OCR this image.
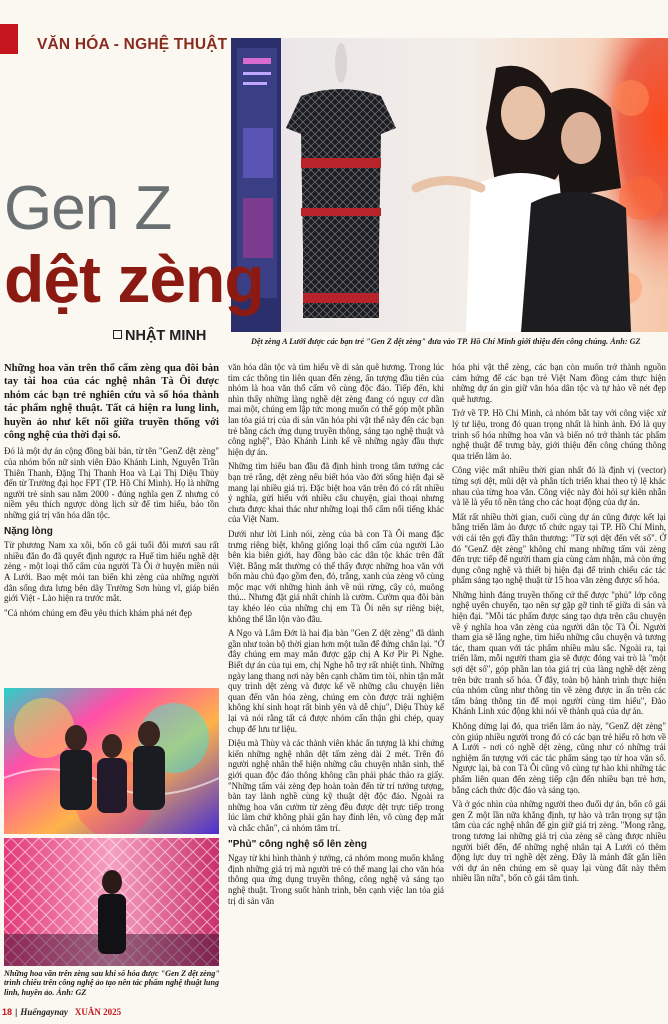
VĂN HÓA - NGHỆ THUẬT
Dệt zèng A Lưới được các bạn trẻ "Gen Z dệt zèng" đưa vào TP. Hồ Chí Minh giới thiệu đến công chúng. Ảnh: GZ
Gen Z
dệt zèng
NHẬT MINH

Những hoa văn trên thổ cẩm zèng qua đôi bàn tay tài hoa của các nghệ nhân Tà Ôi được nhóm các bạn trẻ nghiên cứu và số hóa thành tác phẩm nghệ thuật. Tất cả hiện ra lung linh, huyền ảo như kết nối giữa truyền thống với công nghệ của thời đại số.

Đó là một dự án cộng đồng bài bản, từ tên "GenZ dệt zèng" của nhóm bốn nữ sinh viên Đào Khánh Linh, Nguyễn Trần Thiên Thanh, Đặng Thị Thanh Hoa và Lại Thị Diệu Thùy đến từ Trường đại học FPT (TP. Hồ Chí Minh). Họ là những người trẻ sinh sau năm 2000 - đúng nghĩa gen Z nhưng có niềm yêu thích ngược dòng lịch sử để tìm hiểu, bảo tồn những giá trị văn hóa dân tộc.

Nặng lòng

Từ phương Nam xa xôi, bốn cô gái tuổi đôi mươi sau rất nhiều đắn đo đã quyết định ngược ra Huế tìm hiểu nghề dệt zèng - một loại thổ cẩm của người Tà Ôi ở huyện miền núi A Lưới. Bao mệt mỏi tan biến khi zèng của những người dân sống dưa lưng bên dãy Trường Sơn hùng vĩ, giáp biên giới Việt - Lào hiện ra trước mắt.

"Cả nhóm chúng em đều yêu thích khám phá nét đẹp

Những hoa văn trên zèng sau khi số hóa được "Gen Z dệt zèng" trình chiếu trên công nghệ ảo tạo nên tác phẩm nghệ thuật lung linh, huyền ảo. Ảnh: GZ

văn hóa dân tộc và tìm hiểu về di sản quê hương. Trong lúc tìm các thông tin liên quan đến zèng, ấn tượng đầu tiên của nhóm là hoa văn thổ cẩm vô cùng độc đáo. Tiếp đến, khi nhìn thấy những làng nghề dệt zèng đang có nguy cơ dần mai một, chúng em lập tức mong muốn có thể góp một phần lan tỏa giá trị của di sản văn hóa phi vật thể này đến các bạn trẻ bằng cách ứng dụng truyền thông, sáng tạo nghệ thuật và công nghệ", Đào Khánh Linh kể về những ngày đầu thực hiện dự án.

Những tìm hiểu ban đầu đã định hình trong tâm tưởng các bạn trẻ rằng, dệt zèng nếu biết hóa vào đời sống hiện đại sẽ mang lại nhiều giá trị. Đặc biệt hoa văn trên đó có rất nhiều ý nghĩa, gửi hiểu với nhiều câu chuyện, giai thoại nhưng chưa được khai thác như những loại thổ cẩm nổi tiếng khác của Việt Nam.

Dưới như lời Linh nói, zèng của bà con Tà Ôi mang đặc trưng riêng biệt, không giống loại thổ cẩm của người Lào bên kia biên giới, hay đồng bào các dân tộc khác trên đất Việt. Bằng mắt thường có thể thấy được những hoa văn với bốn màu chủ đạo gồm đen, đỏ, trắng, xanh của zèng vô cùng mộc mạc với những hình ảnh về núi rừng, cây cỏ, muông thú... Nhưng đặt giá nhất chính là cườm. Cườm qua đôi bàn tay khéo léo của những chị em Tà Ôi nên sự riêng biệt, không thể lẫn lộn vào đâu.

A Ngo và Lâm Đớt là hai địa bàn "Gen Z dệt zèng" đã dành gần như toàn bộ thời gian hơn một tuần để đứng chân lại. "Ở đây chúng em may mắn được gặp chị A Kơ Pir Pi Nghe. Biết dự án của tụi em, chị Nghe hỗ trợ rất nhiệt tình. Những ngày lang thang nơi này bên cạnh chăm tìm tòi, nhìn tận mắt quy trình dệt zèng và được kể về những câu chuyện liên quan đến văn hóa zèng, chúng em còn được trải nghiệm không khí sinh hoạt rất bình yên và dễ chịu", Diệu Thùy kể lại và nói rằng tất cả được nhóm cẩn thận ghi chép, quay chụp để lưu tư liệu.

Diệu mà Thùy và các thành viên khác ấn tượng là khi chứng kiến những nghệ nhân dệt tấm zèng dài 2 mét. Trên đó người nghệ nhân thể hiện những câu chuyện nhân sinh, thế giới quan độc đáo thông không cần phải phác thảo ra giấy. "Những tấm vải zèng đẹp hoàn toàn đến từ trí tưởng tượng, bàn tay lành nghề cùng kỹ thuật dệt độc đáo. Ngoài ra những hoa văn cườm từ zèng đều được dệt trực tiếp trong lúc làm chứ không phải gắn hay đính lên, vô cùng đẹp mắt và chắc chắn", cả nhóm tâm trí.

"Phủ" công nghệ số lên zèng

Ngay từ khi hình thành ý tưởng, cả nhóm mong muốn khẳng định những giá trị mà người trẻ có thể mang lại cho văn hóa thông qua ứng dụng truyền thông, công nghệ và sáng tạo nghệ thuật. Trong suốt hành trình, bên cạnh việc lan tỏa giá trị di sản văn

hóa phi vật thể zèng, các bạn còn muốn trở thành nguồn cảm hứng để các bạn trẻ Việt Nam đồng cảm thực hiện những dự án gìn giữ văn hóa dân tộc và tự hào về nét đẹp quê hương.

Trở về TP. Hồ Chí Minh, cả nhóm bắt tay với công việc xử lý tư liệu, trong đó quan trọng nhất là hình ảnh. Đó là quy trình số hóa những hoa văn và biến nó trở thành tác phẩm nghệ thuật để trưng bày, giới thiệu đến công chúng thông qua triển lãm ảo.

Công việc mất nhiều thời gian nhất đó là định vị (vector) từng sợi dệt, mũi dệt và phân tích triển khai theo tỷ lệ khác nhau của từng hoa văn. Công việc này đòi hỏi sự kiên nhẫn và lẽ là yếu tố nền tảng cho các hoạt động của dự án.

Mất rất nhiều thời gian, cuối cùng dự án cũng được kết lại bằng triển lãm ảo được tổ chức ngay tại TP. Hồ Chí Minh, với cái tên gợi đầy thân thương: "Từ sợi dệt đến vết số". Ở đó "GenZ dệt zèng" không chỉ mang những tấm vải zèng đến trực tiếp để người tham gia cùng cảm nhận, mà còn ứng dụng công nghệ và thiết bị hiện đại để trình chiếu các tác phẩm sáng tạo nghệ thuật từ 15 hoa văn zèng được số hóa.

Những hình đáng truyền thống cứ thế được "phủ" lớp công nghệ uyên chuyển, tạo nên sự gặp gỡ tinh tế giữa di sản và hiện đại. "Mỗi tác phẩm được sáng tạo dựa trên câu chuyện về ý nghĩa hoa văn zèng của người dân tộc Tà Ôi. Người tham gia sẽ lắng nghe, tìm hiểu những câu chuyện và tương tác, tham quan với tác phẩm nhiều màu sắc. Ngoài ra, tại triển lãm, mỗi người tham gia sẽ được đóng vai trò là "một sợi dệt số", góp phần lan tỏa giá trị của làng nghề dệt zèng trên bức tranh số hóa. Ở đây, toàn bộ hành trình thực hiện của nhóm cũng như thông tin về zèng được in ấn trên các tấm bảng thông tin để mọi người cùng tìm hiểu", Đào Khánh Linh xúc động khi nói về thành quả của dự án.

Không dừng lại đó, qua triển lãm ảo này, "GenZ dệt zèng" còn giúp nhiều người trong đó có các bạn trẻ hiểu rõ hơn về A Lưới - nơi có nghề dệt zèng, cũng như có những trải nghiệm ấn tượng với các tác phẩm sáng tạo từ hoa văn số. Ngược lại, bà con Tà Ôi cũng vô cùng tự hào khi những tác phẩm liên quan đến zèng tiếp cận đến nhiều bạn trẻ hơn, bằng cách thức độc đáo và sáng tạo.

Và ở góc nhìn của những người theo đuổi dự án, bốn cô gái gen Z một lần nữa khẳng định, tự hào và trân trọng sự tận tâm của các nghệ nhân để gìn giữ giá trị zèng. "Mong rằng, trong tương lai những giá trị của zèng sẽ càng được nhiều người biết đến, để những nghệ nhân tại A Lưới có thêm động lực duy trì nghề dệt zèng. Đây là mảnh đất gắn liền với dự án nên chúng em sẽ quay lại vùng đất này thêm nhiều lần nữa", bốn cô gái tâm tình.

18 | Huếngaynay XUÂN 2025
